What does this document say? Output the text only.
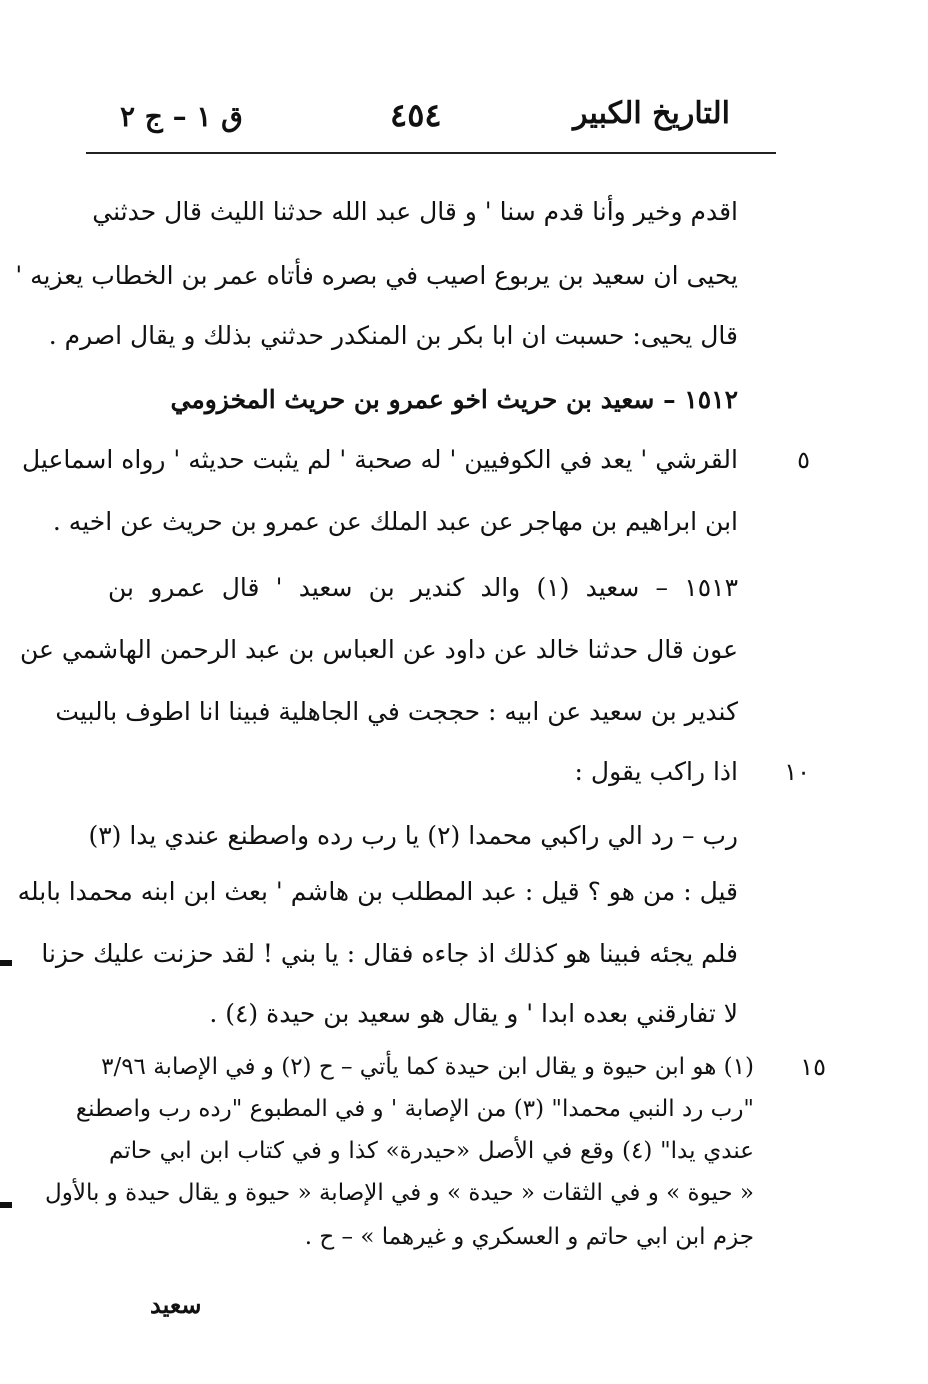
التاريخ الكبير
٤٥٤
ق ١ – ج ٢
اقدم وخير وأنا قدم سنا ' و قال عبد الله حدثنا الليث قال حدثني
يحيى ان سعيد بن يربوع اصيب في بصره فأتاه عمر بن الخطاب يعزيه '
قال يحيى: حسبت ان ابا بكر بن المنكدر حدثني بذلك و يقال اصرم .
١٥١٢ – سعيد بن حريث اخو عمرو بن حريث المخزومي
القرشي ' يعد في الكوفيين ' له صحبة ' لم يثبت حديثه ' رواه اسماعيل	٥
ابن ابراهيم بن مهاجر عن عبد الملك عن عمرو بن حريث عن اخيه .
١٥١٣ – سعيد (١) والد كندير بن سعيد ' قال عمرو بن
عون قال حدثنا خالد عن داود عن العباس بن عبد الرحمن الهاشمي عن
كندير بن سعيد عن ابيه : حججت في الجاهلية فبينا انا اطوف بالبيت
اذا راكب يقول :	١٠
رب – رد الي راكبي محمدا (٢) يا رب رده واصطنع عندي يدا (٣)
قيل : من هو ؟ قيل : عبد المطلب بن هاشم ' بعث ابن ابنه محمدا بابله
فلم يجئه فبينا هو كذلك اذ جاءه فقال : يا بني ! لقد حزنت عليك حزنا
لا تفارقني بعده ابدا ' و يقال هو سعيد بن حيدة (٤) .
(١) هو ابن حيوة و يقال ابن حيدة كما يأتي – ح (٢) و في الإصابة ٣/٩٦	١٥
"رب رد النبي محمدا" (٣) من الإصابة ' و في المطبوع "رده رب واصطنع
عندي يدا" (٤) وقع في الأصل «حيدرة» كذا و في كتاب ابن ابي حاتم
« حيوة » و في الثقات « حيدة » و في الإصابة « حيوة و يقال حيدة و بالأول
جزم ابن ابي حاتم و العسكري و غيرهما » – ح .
سعيد
